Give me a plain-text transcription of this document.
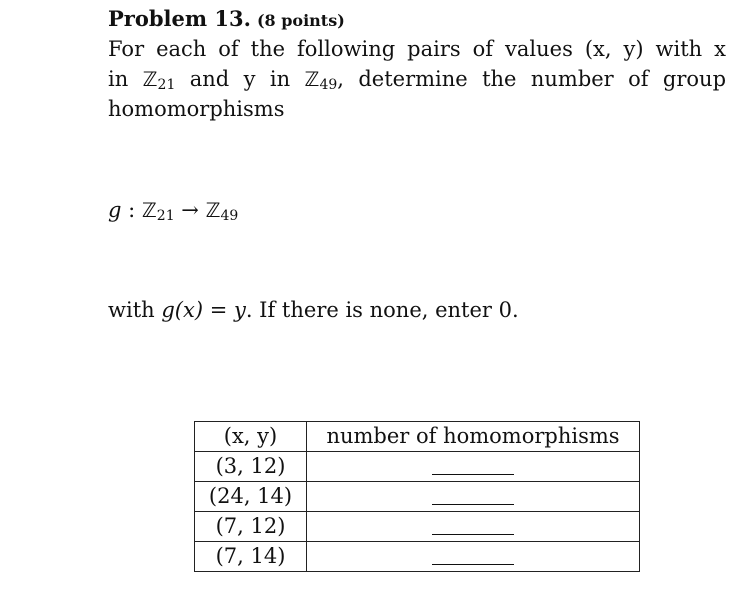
Problem 13. (8 points)
For each of the following pairs of values (x, y) with x
in ℤ$_{21}$ and y in ℤ$_{49}$, determine the number of group
homomorphisms
g : ℤ$_{21}$ → ℤ$_{49}$
with g(x) = y. If there is none, enter 0.
(x, y)	number of homomorphisms
(3, 12)	
(24, 14)	
(7, 12)	
(7, 14)	
